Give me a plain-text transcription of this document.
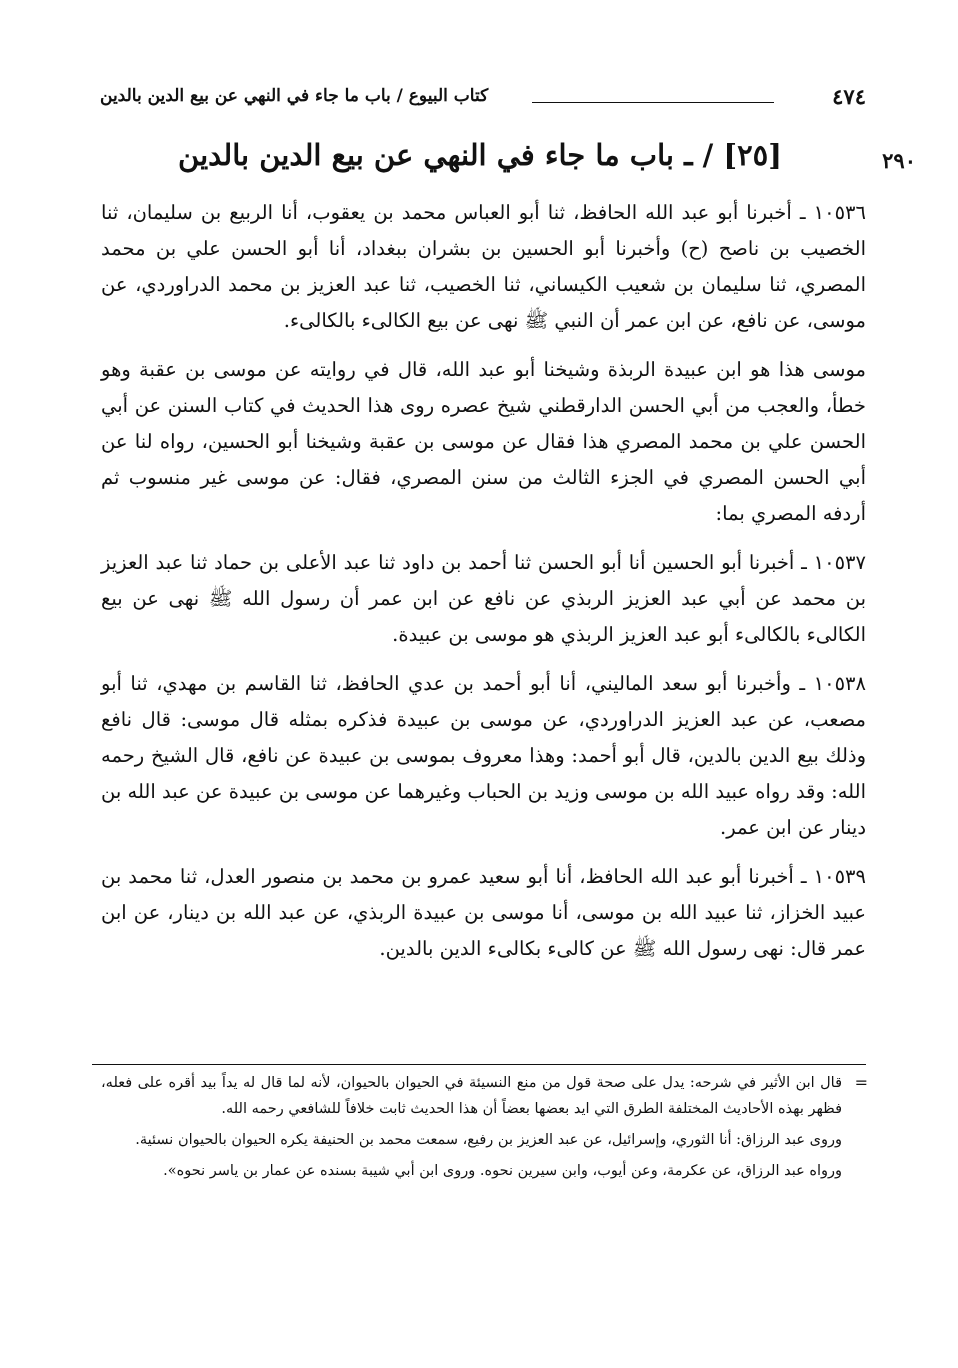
٤٧٤
كتاب البيوع / باب ما جاء في النهي عن بيع الدين بالدين
٢٩٠
[٢٥] / ـ باب ما جاء في النهي عن بيع الدين بالدين

١٠٥٣٦ ـ أخبرنا أبو عبد الله الحافظ، ثنا أبو العباس محمد بن يعقوب، أنا الربيع بن سليمان، ثنا الخصيب بن ناصح (ح) وأخبرنا أبو الحسين بن بشران ببغداد، أنا أبو الحسن علي بن محمد المصري، ثنا سليمان بن شعيب الكيساني، ثنا الخصيب، ثنا عبد العزيز بن محمد الدراوردي، عن موسى، عن نافع، عن ابن عمر أن النبي ﷺ نهى عن بيع الكالىء بالكالىء.

موسى هذا هو ابن عبيدة الربذة وشيخنا أبو عبد الله، قال في روايته عن موسى بن عقبة وهو خطأ، والعجب من أبي الحسن الدارقطني شيخ عصره روى هذا الحديث في كتاب السنن عن أبي الحسن علي بن محمد المصري هذا فقال عن موسى بن عقبة وشيخنا أبو الحسين، رواه لنا عن أبي الحسن المصري في الجزء الثالث من سنن المصري، فقال: عن موسى غير منسوب ثم أردفه المصري بما:

١٠٥٣٧ ـ أخبرنا أبو الحسين أنا أبو الحسن ثنا أحمد بن داود ثنا عبد الأعلى بن حماد ثنا عبد العزيز بن محمد عن أبي عبد العزيز الربذي عن نافع عن ابن عمر أن رسول الله ﷺ نهى عن بيع الكالىء بالكالىء أبو عبد العزيز الربذي هو موسى بن عبيدة.

١٠٥٣٨ ـ وأخبرنا أبو سعد الماليني، أنا أبو أحمد بن عدي الحافظ، ثنا القاسم بن مهدي، ثنا أبو مصعب، عن عبد العزيز الدراوردي، عن موسى بن عبيدة فذكره بمثله قال موسى: قال نافع وذلك بيع الدين بالدين، قال أبو أحمد: وهذا معروف بموسى بن عبيدة عن نافع، قال الشيخ رحمه الله: وقد رواه عبيد الله بن موسى وزيد بن الحباب وغيرهما عن موسى بن عبيدة عن عبد الله بن دينار عن ابن عمر.

١٠٥٣٩ ـ أخبرنا أبو عبد الله الحافظ، أنا أبو سعيد عمرو بن محمد بن منصور العدل، ثنا محمد بن عبيد الخزاز، ثنا عبيد الله بن موسى، أنا موسى بن عبيدة الربذي، عن عبد الله بن دينار، عن ابن عمر قال: نهى رسول الله ﷺ عن كالىء بكالىء الدين بالدين.

=
قال ابن الأثير في شرحه: يدل على صحة قول من منع النسيئة في الحيوان بالحيوان، لأنه لما قال له يداً بيد أقره على فعله، فظهر بهذه الأحاديث المختلفة الطرق التي ايد بعضها بعضاً أن هذا الحديث ثابت خلافاً للشافعي رحمه الله.
وروى عبد الرزاق: أنا الثوري، وإسرائيل، عن عبد العزيز بن رفيع، سمعت محمد بن الحنيفة يكره الحيوان بالحيوان نسئية.
ورواه عبد الرزاق، عن عكرمة، وعن أيوب، وابن سيرين نحوه. وروى ابن أبي شيبة بسنده عن عمار بن ياسر نحوه».
